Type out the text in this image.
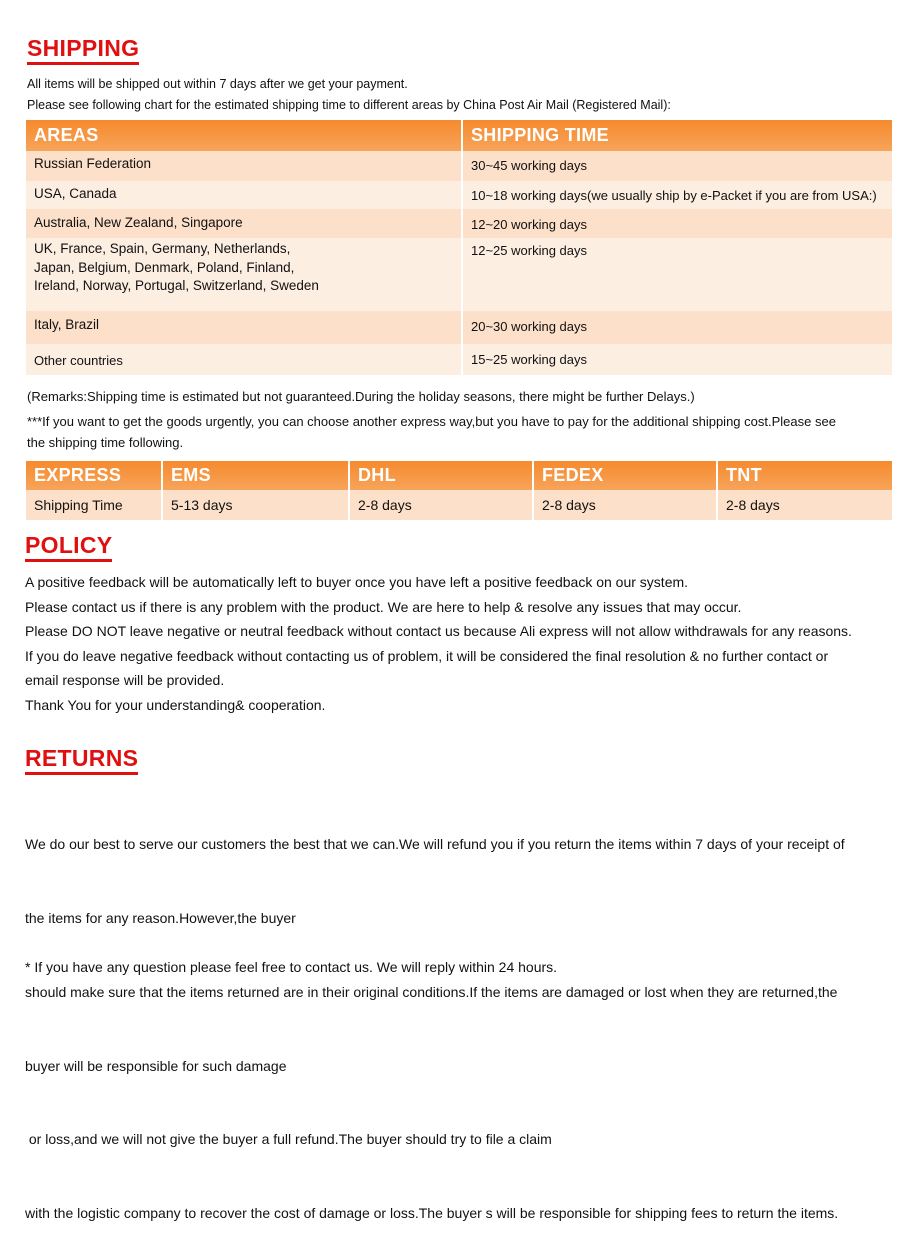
SHIPPING
All items will be shipped out within 7 days after we get your payment.
Please see following chart for the estimated shipping time to different areas by China Post Air Mail (Registered Mail):
AREAS	SHIPPING TIME
Russian Federation	30~45 working days
USA, Canada	10~18 working days(we usually ship by e-Packet if you are from USA:)
Australia, New Zealand, Singapore	12~20 working days

UK, France, Spain, Germany, Netherlands,
Japan, Belgium, Denmark, Poland, Finland,
Ireland, Norway, Portugal, Switzerland, Sweden	12~25 working days
Italy, Brazil	20~30 working days
Other countries	15~25 working days
(Remarks:Shipping time is estimated but not guaranteed.During the holiday seasons, there might be further Delays.)
***If you want to get the goods urgently, you can choose another express way,but you have to pay for the additional shipping cost.Please see
the shipping time following.
EXPRESS	EMS	DHL	FEDEX	TNT
Shipping Time	5-13 days	2-8 days	2-8 days	2-8 days
POLICY
A positive feedback will be automatically left to buyer once you have left a positive feedback on our system.
Please contact us if there is any problem with the product. We are here to help & resolve any issues that may occur.
Please DO NOT leave negative or neutral feedback without contact us because Ali express will not allow withdrawals for any reasons.
If you do leave negative feedback without contacting us of problem, it will be considered the final resolution & no further contact or
email response will be provided.
Thank You for your understanding& cooperation.
RETURNS

We do our best to serve our customers the best that we can.We will refund you if you return the items within 7 days of your receipt of

the items for any reason.However,the buyer

should make sure that the items returned are in their original conditions.If the items are damaged or lost when they are returned,the

buyer will be responsible for such damage

or loss,and we will not give the buyer a full refund.The buyer should try to file a claim

with the logistic company to recover the cost of damage or loss.The buyer s will be responsible for shipping fees to return the items.

* If you have any question please feel free to contact us. We will reply within 24 hours.
